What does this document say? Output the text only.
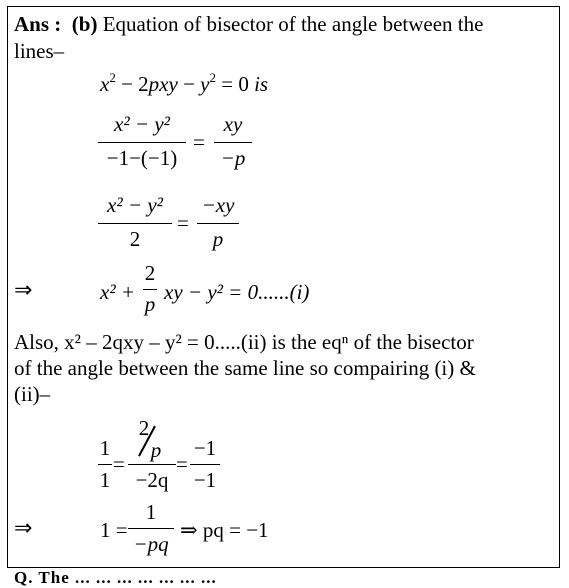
Ans : (b) Equation of bisector of the angle between the
lines–
$x^2 - 2pxy - y^2 = 0$ is
x² − y²
−1−(−1)
=
xy
−p
x² − y²
2
=
−xy
p
⇒	x² +
2
p xy − y² = 0......(i)
Also, x² – 2qxy – y² = 0.....(ii) is the eqⁿ of the bisector
of the angle between the same line so compairing (i) &
(ii)–
1
1
=
2
p
−2q
=
−1
−1
⇒	1 =
1
−pq
⇒ pq = −1
Q. The ... ... ... ... ... ... ...
